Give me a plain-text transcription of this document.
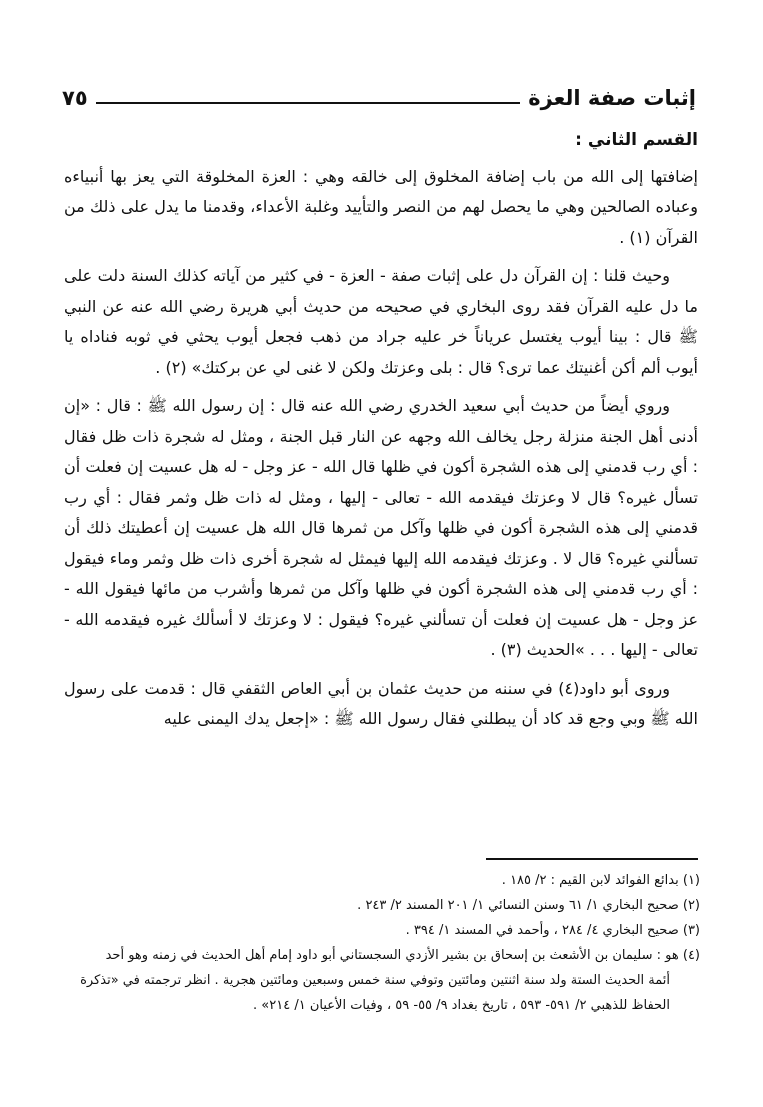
إثبات صفة العزة
٧٥

القسم الثاني :

إضافتها إلى الله من باب إضافة المخلوق إلى خالقه وهي : العزة المخلوقة التي يعز بها أنبياءه وعباده الصالحين وهي ما يحصل لهم من النصر والتأييد وغلبة الأعداء، وقدمنا ما يدل على ذلك من القرآن (١) .

وحيث قلنا : إن القرآن دل على إثبات صفة - العزة - في كثير من آياته كذلك السنة دلت على ما دل عليه القرآن فقد روى البخاري في صحيحه من حديث أبي هريرة رضي الله عنه عن النبي ﷺ قال : بينا أيوب يغتسل عرياناً خر عليه جراد من ذهب فجعل أيوب يحثي في ثوبه فناداه يا أيوب ألم أكن أغنيتك عما ترى؟ قال : بلى وعزتك ولكن لا غنى لي عن بركتك» (٢) .

وروي أيضاً من حديث أبي سعيد الخدري رضي الله عنه قال : إن رسول الله ﷺ : قال : «إن أدنى أهل الجنة منزلة رجل يخالف الله وجهه عن النار قبل الجنة ، ومثل له شجرة ذات ظل فقال : أي رب قدمني إلى هذه الشجرة أكون في ظلها قال الله - عز وجل - له هل عسيت إن فعلت أن تسأل غيره؟ قال لا وعزتك فيقدمه الله - تعالى - إليها ، ومثل له ذات ظل وثمر فقال : أي رب قدمني إلى هذه الشجرة أكون في ظلها وآكل من ثمرها قال الله هل عسيت إن أعطيتك ذلك أن تسألني غيره؟ قال لا . وعزتك فيقدمه الله إليها فيمثل له شجرة أخرى ذات ظل وثمر وماء فيقول : أي رب قدمني إلى هذه الشجرة أكون في ظلها وآكل من ثمرها وأشرب من مائها فيقول الله - عز وجل - هل عسيت إن فعلت أن تسألني غيره؟ فيقول : لا وعزتك لا أسألك غيره فيقدمه الله - تعالى - إليها . . . »الحديث (٣) .

وروى أبو داود(٤) في سننه من حديث عثمان بن أبي العاص الثقفي قال : قدمت على رسول الله ﷺ وبي وجع قد كاد أن يبطلني فقال رسول الله ﷺ : «إجعل يدك اليمنى عليه

(١) بدائع الفوائد لابن القيم : ٢/ ١٨٥ .

(٢) صحيح البخاري ١/ ٦١ وسنن النسائي ١/ ٢٠١ المسند ٢/ ٢٤٣ .

(٣) صحيح البخاري ٤/ ٢٨٤ ، وأحمد في المسند ١/ ٣٩٤ .

(٤) هو : سليمان بن الأشعث بن إسحاق بن بشير الأزدي السجستاني أبو داود إمام أهل الحديث في زمنه وهو أحد

أئمة الحديث الستة ولد سنة اثنتين ومائتين وتوفي سنة خمس وسبعين ومائتين هجرية . انظر ترجمته في «تذكرة

الحفاظ للذهبي ٢/ ٥٩١- ٥٩٣ ، تاريخ بغداد ٩/ ٥٥- ٥٩ ، وفيات الأعيان ١/ ٢١٤» .
